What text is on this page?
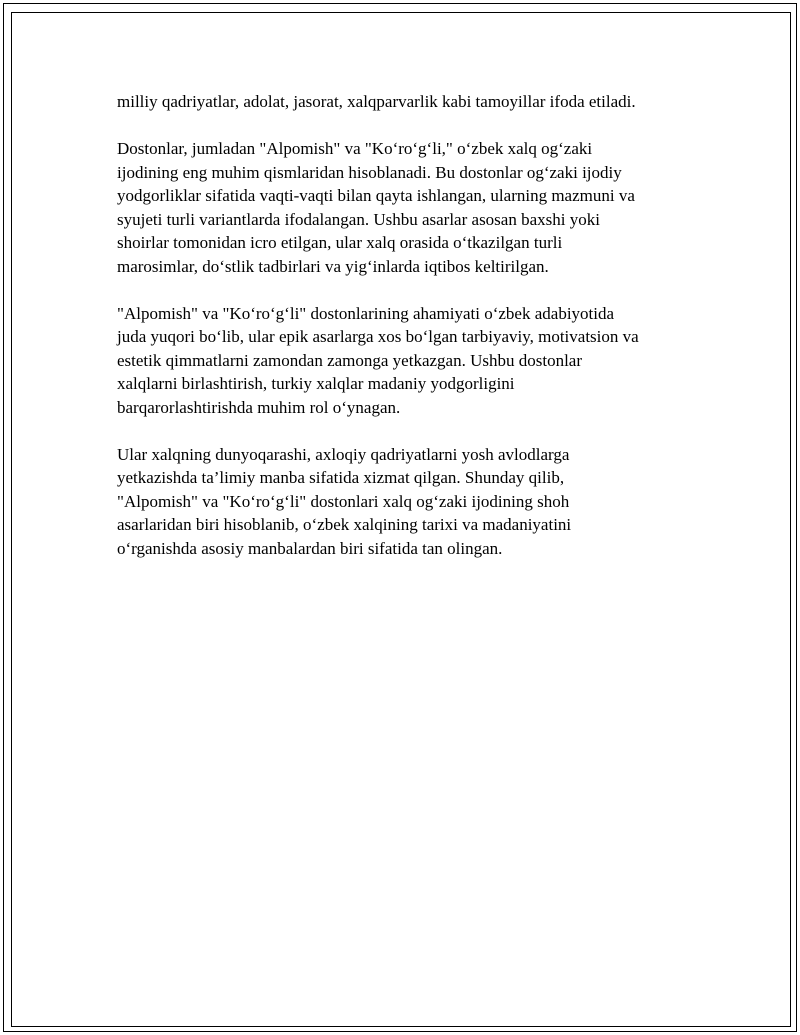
milliy qadriyatlar, adolat, jasorat, xalqparvarlik kabi tamoyillar ifoda etiladi.

Dostonlar, jumladan "Alpomish" va "Ko‘ro‘g‘li," o‘zbek xalq og‘zaki
ijodining eng muhim qismlaridan hisoblanadi. Bu dostonlar og‘zaki ijodiy
yodgorliklar sifatida vaqti-vaqti bilan qayta ishlangan, ularning mazmuni va
syujeti turli variantlarda ifodalangan. Ushbu asarlar asosan baxshi yoki
shoirlar tomonidan icro etilgan, ular xalq orasida o‘tkazilgan turli
marosimlar, do‘stlik tadbirlari va yig‘inlarda iqtibos keltirilgan.

"Alpomish" va "Ko‘ro‘g‘li" dostonlarining ahamiyati o‘zbek adabiyotida
juda yuqori bo‘lib, ular epik asarlarga xos bo‘lgan tarbiyaviy, motivatsion va
estetik qimmatlarni zamondan zamonga yetkazgan. Ushbu dostonlar
xalqlarni birlashtirish, turkiy xalqlar madaniy yodgorligini
barqarorlashtirishda muhim rol o‘ynagan.

Ular xalqning dunyoqarashi, axloqiy qadriyatlarni yosh avlodlarga
yetkazishda ta’limiy manba sifatida xizmat qilgan. Shunday qilib,
"Alpomish" va "Ko‘ro‘g‘li" dostonlari xalq og‘zaki ijodining shoh
asarlaridan biri hisoblanib, o‘zbek xalqining tarixi va madaniyatini
o‘rganishda asosiy manbalardan biri sifatida tan olingan.
